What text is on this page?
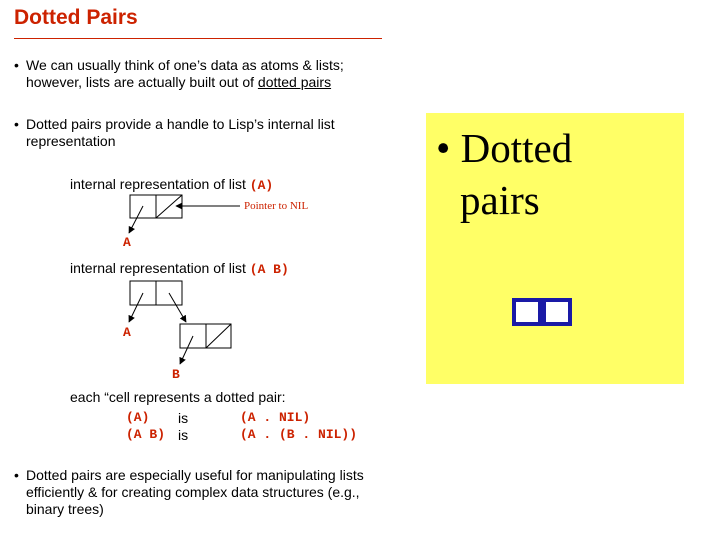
Dotted Pairs
• We can usually think of one’s data as atoms & lists; however, lists are actually built out of dotted pairs
• Dotted pairs provide a handle to Lisp’s internal list representation
internal representation of list (A)
Pointer to NIL
A
internal representation of list (A B)
A
B
each “cell represents a dotted pair:
(A) is	(A . NIL)
(A B) is	(A . (B . NIL))
• Dotted pairs are especially useful for manipulating lists efficiently & for creating complex data structures (e.g., binary trees)
• Dotted
pairs
